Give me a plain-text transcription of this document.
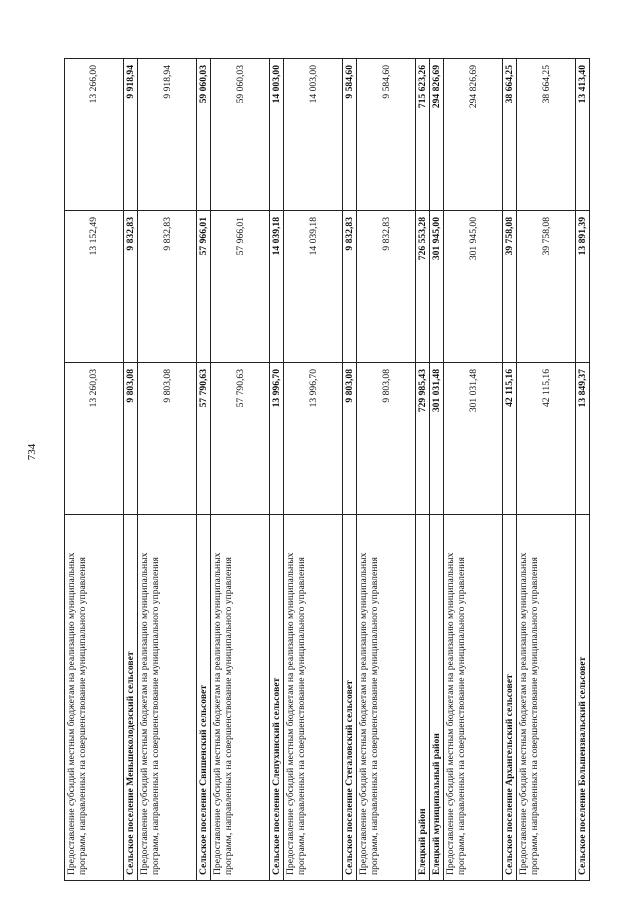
734
Предоставление субсидий местным бюджетам на реализацию муниципальных программ, направленных на совершенствование муниципального управления	13 260,03	13 152,49	13 266,00
Сельское поселение Меньшеколодезский сельсовет	9 803,08	9 832,83	9 918,94
Предоставление субсидий местным бюджетам на реализацию муниципальных программ, направленных на совершенствование муниципального управления	9 803,08	9 832,83	9 918,94
Сельское поселение Свишенский сельсовет	57 790,63	57 966,01	59 060,03
Предоставление субсидий местным бюджетам на реализацию муниципальных программ, направленных на совершенствование муниципального управления	57 790,63	57 966,01	59 060,03
Сельское поселение Слепухинский сельсовет	13 996,70	14 039,18	14 003,00
Предоставление субсидий местным бюджетам на реализацию муниципальных программ, направленных на совершенствование муниципального управления	13 996,70	14 039,18	14 003,00
Сельское поселение Стегаловский сельсовет	9 803,08	9 832,83	9 584,60
Предоставление субсидий местным бюджетам на реализацию муниципальных программ, направленных на совершенствование муниципального управления	9 803,08	9 832,83	9 584,60
Елецкий район	729 985,43	726 553,28	715 623,26
Елецкий муниципальный район	301 031,48	301 945,00	294 826,69
Предоставление субсидий местным бюджетам на реализацию муниципальных программ, направленных на совершенствование муниципального управления	301 031,48	301 945,00	294 826,69
Сельское поселение Архангельский сельсовет	42 115,16	39 758,08	38 664,25
Предоставление субсидий местным бюджетам на реализацию муниципальных программ, направленных на совершенствование муниципального управления	42 115,16	39 758,08	38 664,25
Сельское поселение Большеизвальский сельсовет	13 849,37	13 891,39	13 413,40
